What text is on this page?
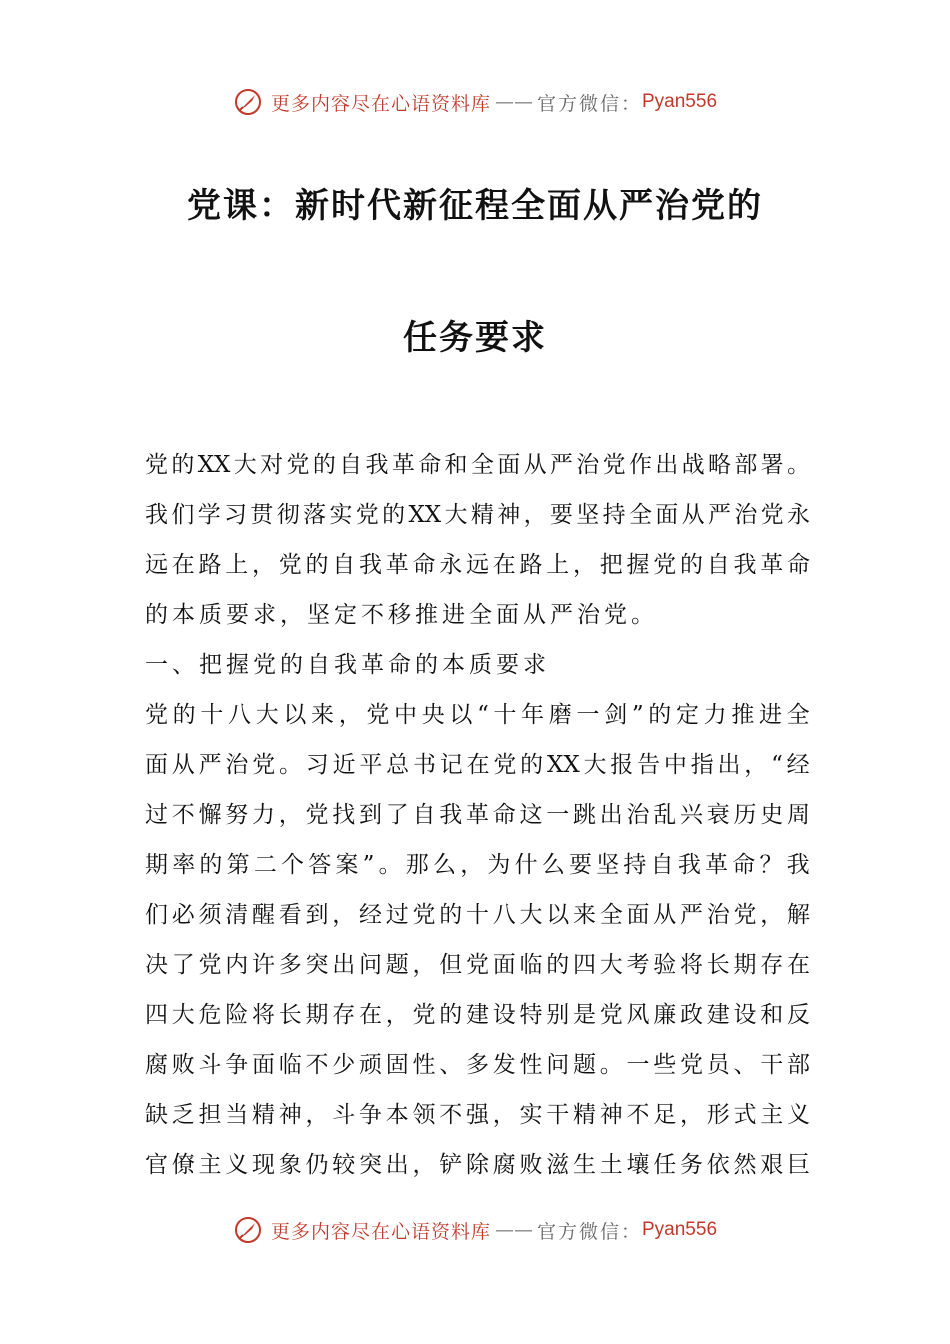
更多内容尽在心语资料库 —— 官方微信： Pyan556
党课：新时代新征程全面从严治党的
任务要求
党 的 XX 大 对 党 的 自 我 革 命 和 全 面 从 严 治 党 作 出 战 略 部 署 。
我 们 学 习 贯 彻 落 实 党 的 XX 大 精 神 ， 要 坚 持 全 面 从 严 治 党 永
远 在 路 上 ， 党 的 自 我 革 命 永 远 在 路 上 ， 把 握 党 的 自 我 革 命
的本质要求，坚定不移推进全面从严治党。
一、把握党的自我革命的本质要求
党 的 十 八 大 以 来 ， 党 中 央 以 “ 十 年 磨 一 剑 ” 的 定 力 推 进 全
面 从 严 治 党 。 习 近 平 总 书 记 在 党 的 XX 大 报 告 中 指 出 ， “ 经
过 不 懈 努 力 ， 党 找 到 了 自 我 革 命 这 一 跳 出 治 乱 兴 衰 历 史 周
期 率 的 第 二 个 答 案 ” 。 那 么 ， 为 什 么 要 坚 持 自 我 革 命 ？ 我
们 必 须 清 醒 看 到 ， 经 过 党 的 十 八 大 以 来 全 面 从 严 治 党 ， 解
决 了 党 内 许 多 突 出 问 题 ， 但 党 面 临 的 四 大 考 验 将 长 期 存 在
四 大 危 险 将 长 期 存 在 ， 党 的 建 设 特 别 是 党 风 廉 政 建 设 和 反
腐 败 斗 争 面 临 不 少 顽 固 性 、 多 发 性 问 题 。 一 些 党 员 、 干 部
缺 乏 担 当 精 神 ， 斗 争 本 领 不 强 ， 实 干 精 神 不 足 ， 形 式 主 义
官 僚 主 义 现 象 仍 较 突 出 ， 铲 除 腐 败 滋 生 土 壤 任 务 依 然 艰 巨
更多内容尽在心语资料库 —— 官方微信： Pyan556
